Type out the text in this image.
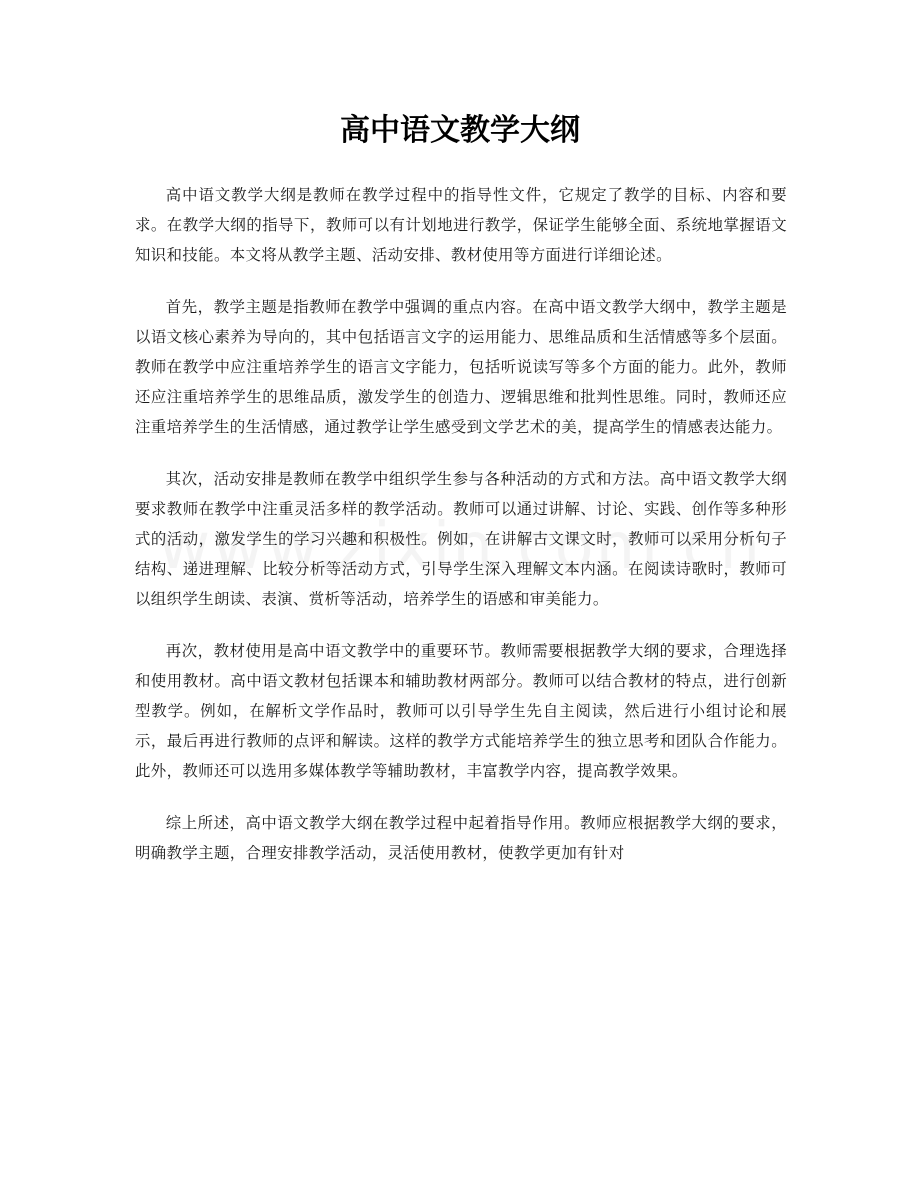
高中语文教学大纲

高中语文教学大纲是教师在教学过程中的指导性文件，它规定了教学的目标、内容和要求。在教学大纲的指导下，教师可以有计划地进行教学，保证学生能够全面、系统地掌握语文知识和技能。本文将从教学主题、活动安排、教材使用等方面进行详细论述。

首先，教学主题是指教师在教学中强调的重点内容。在高中语文教学大纲中，教学主题是以语文核心素养为导向的，其中包括语言文字的运用能力、思维品质和生活情感等多个层面。教师在教学中应注重培养学生的语言文字能力，包括听说读写等多个方面的能力。此外，教师还应注重培养学生的思维品质，激发学生的创造力、逻辑思维和批判性思维。同时，教师还应注重培养学生的生活情感，通过教学让学生感受到文学艺术的美，提高学生的情感表达能力。

其次，活动安排是教师在教学中组织学生参与各种活动的方式和方法。高中语文教学大纲要求教师在教学中注重灵活多样的教学活动。教师可以通过讲解、讨论、实践、创作等多种形式的活动，激发学生的学习兴趣和积极性。例如，在讲解古文课文时，教师可以采用分析句子结构、递进理解、比较分析等活动方式，引导学生深入理解文本内涵。在阅读诗歌时，教师可以组织学生朗读、表演、赏析等活动，培养学生的语感和审美能力。

再次，教材使用是高中语文教学中的重要环节。教师需要根据教学大纲的要求，合理选择和使用教材。高中语文教材包括课本和辅助教材两部分。教师可以结合教材的特点，进行创新型教学。例如，在解析文学作品时，教师可以引导学生先自主阅读，然后进行小组讨论和展示，最后再进行教师的点评和解读。这样的教学方式能培养学生的独立思考和团队合作能力。此外，教师还可以选用多媒体教学等辅助教材，丰富教学内容，提高教学效果。

综上所述，高中语文教学大纲在教学过程中起着指导作用。教师应根据教学大纲的要求，明确教学主题，合理安排教学活动，灵活使用教材，使教学更加有针对
